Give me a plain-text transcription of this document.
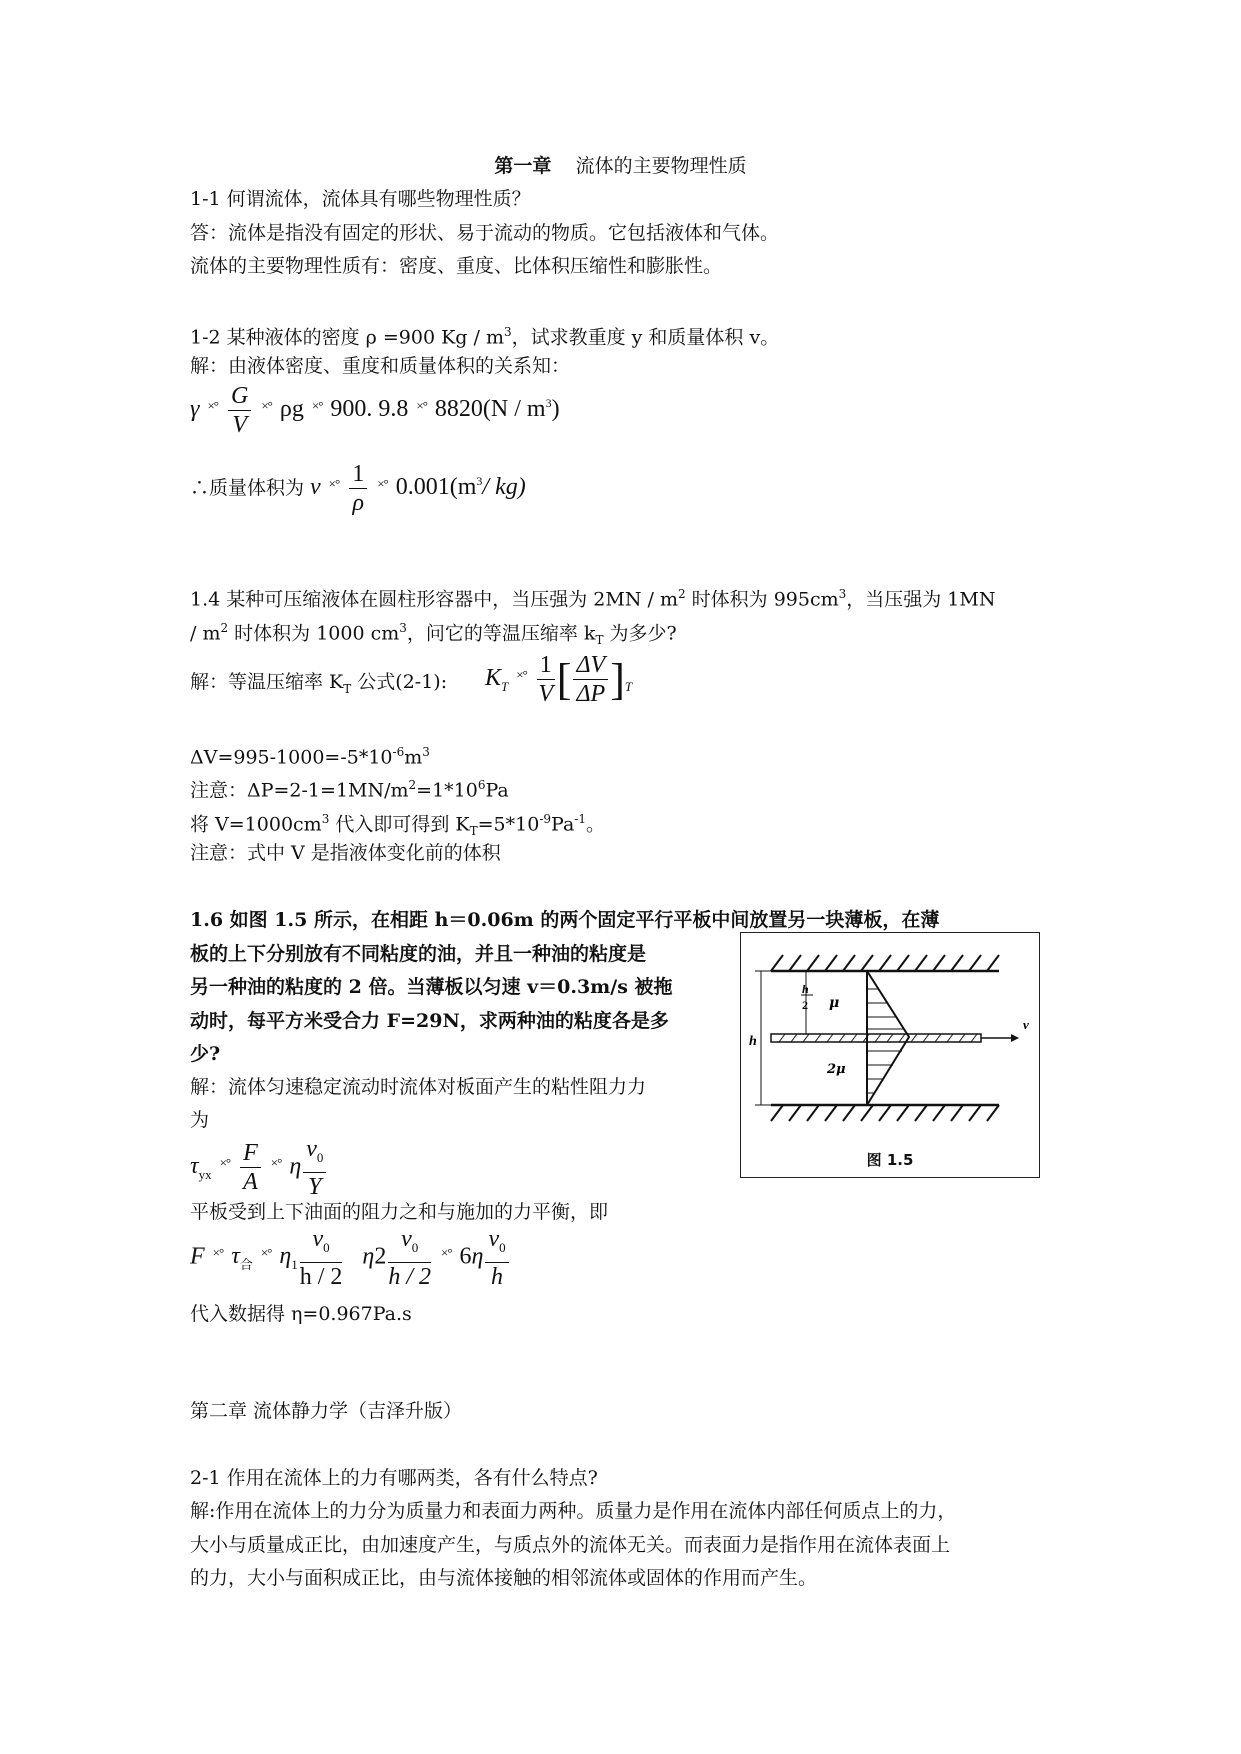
第一章 流体的主要物理性质
1-1 何谓流体，流体具有哪些物理性质？
答：流体是指没有固定的形状、易于流动的物质。它包括液体和气体。
流体的主要物理性质有：密度、重度、比体积压缩性和膨胀性。
1-2 某种液体的密度 ρ =900 Kg / $m^3$，试求教重度 y 和质量体积 v。
解：由液体密度、重度和质量体积的关系知：
γ $^{\times^\circ} \frac{G}{V} ^{\times^\circ}$ ρg ×° 900. 9.8 ×° $8820(N / m^3)$
∴质量体积为 ν $^{\times^\circ} \frac{1}{\rho} ^{\times^\circ}$ $0.001(m^3/$ kg)
1.4 某种可压缩液体在圆柱形容器中，当压强为 $2MN / m^2$ 时体积为 $995cm^3$，当压强为 1MN
/ $m^2$ 时体积为 1000 $cm^3$，问它的等温压缩率 $k_T$ 为多少?
解：等温压缩率 $K_T$ 公式(2-1): $K_T$ $^{\times^\circ} \frac{1}{V}$ [ $\frac{\Delta V}{\Delta P} ]_T$
$\Delta V=995-1000=-5*10^{-6}m^3$
注意：$\Delta P=2-1=1MN/m^2=1*10^6Pa$
将 $V=1000cm^3$ 代入即可得到 $K_T=5*10^{-9}Pa^{-1}$。
注意：式中 V 是指液体变化前的体积
1.6 如图 1.5 所示，在相距 h＝0.06m 的两个固定平行平板中间放置另一块薄板，在薄
板的上下分别放有不同粘度的油，并且一种油的粘度是
另一种油的粘度的 2 倍。当薄板以匀速 v＝0.3m/s 被拖
动时，每平方米受合力 F=29N，求两种油的粘度各是多
少?
解：流体匀速稳定流动时流体对板面产生的粘性阻力力
为
$\tau_{yx}$ $^{\times^\circ} \frac{F}{A} ^{\times^\circ}$ η $\frac{\nu_0}{Y}$
平板受到上下油面的阻力之和与施加的力平衡，即
F ×° $\tau_合$ ×° $\eta_1 \frac{\nu_0}{h / 2} \eta 2 \frac{\nu_0}{h / 2} ^{\times^\circ}$ $6\eta \frac{\nu_0}{h}$
代入数据得 η=0.967Pa.s
h
h
2 μ
2μ
v
图 1.5
第二章 流体静力学（吉泽升版）
2-1 作用在流体上的力有哪两类，各有什么特点?
解:作用在流体上的力分为质量力和表面力两种。质量力是作用在流体内部任何质点上的力，
大小与质量成正比，由加速度产生，与质点外的流体无关。而表面力是指作用在流体表面上
的力，大小与面积成正比，由与流体接触的相邻流体或固体的作用而产生。
